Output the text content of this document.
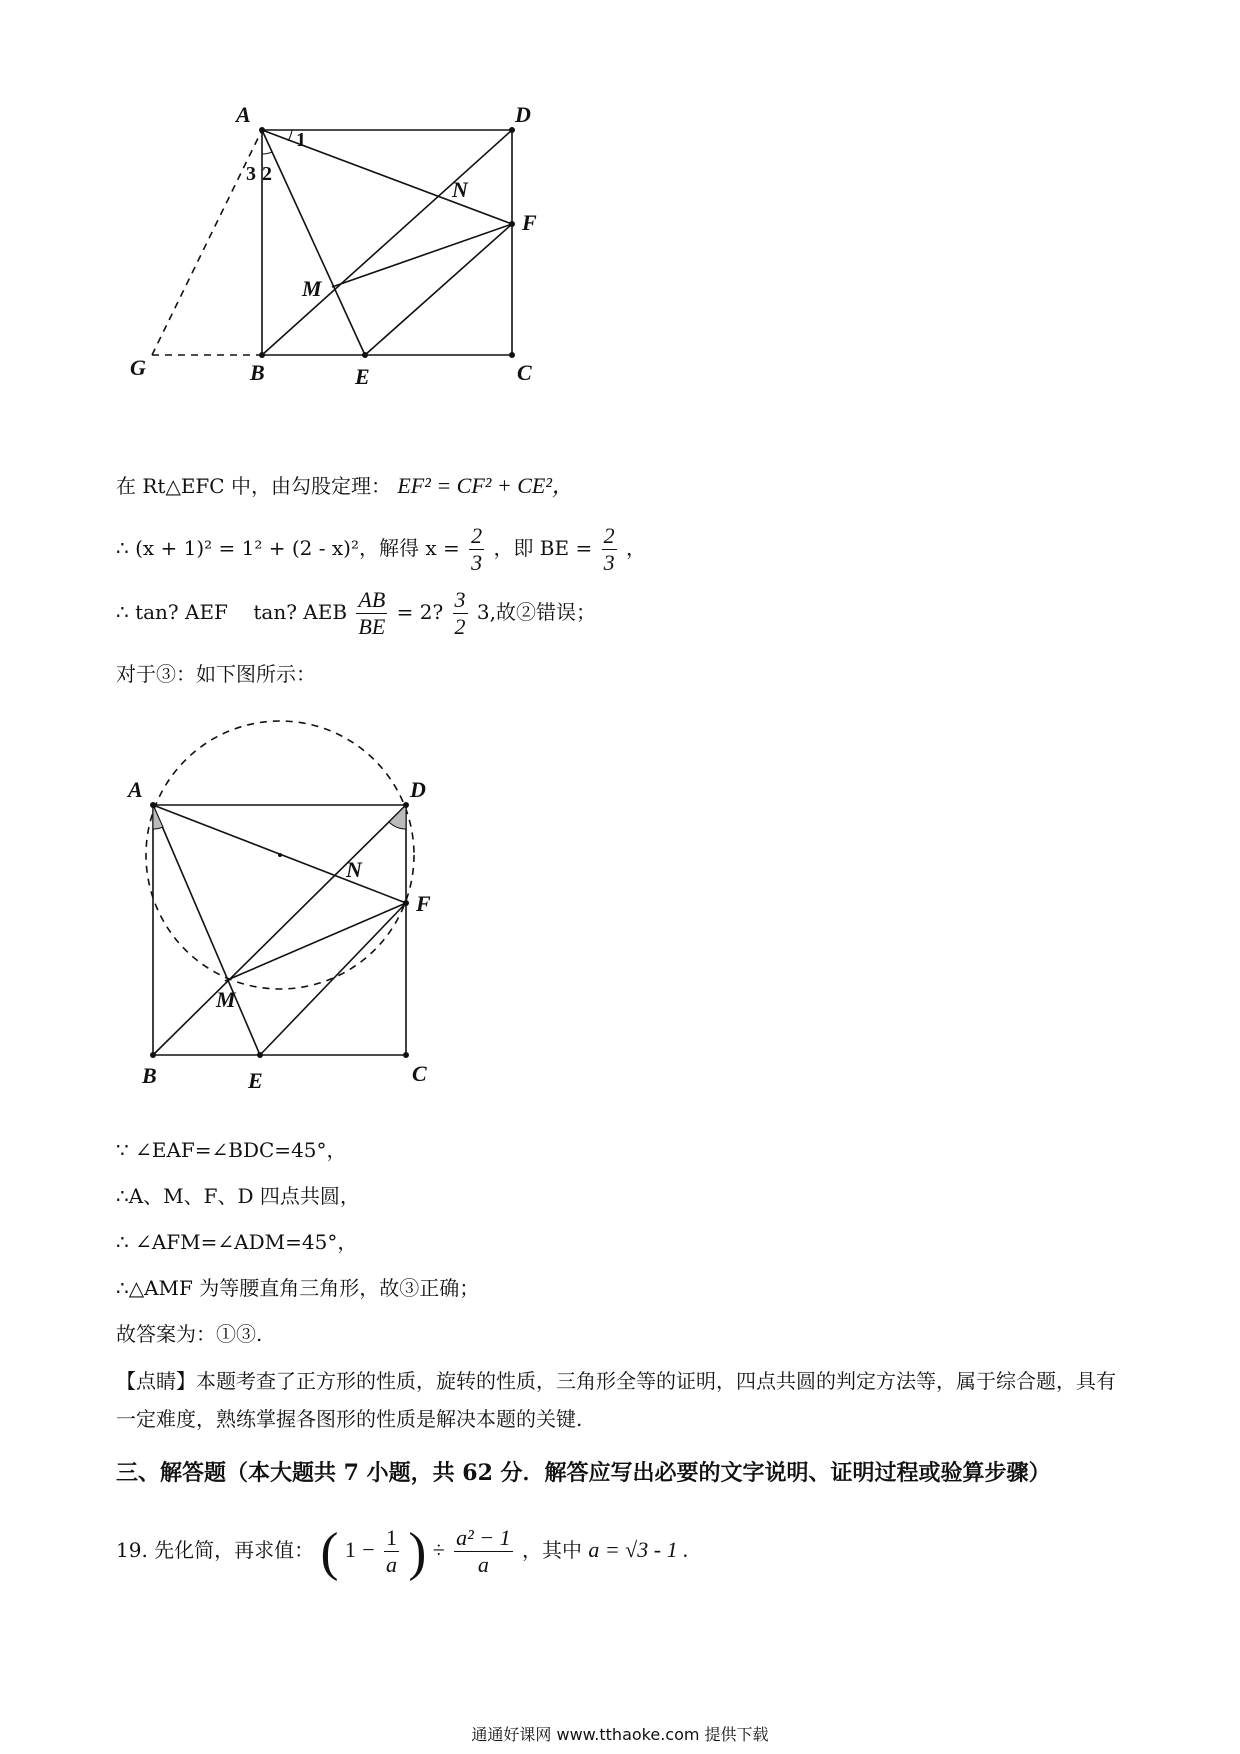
A	D
N
F
M
G	B	E	C
1
2
3
在 Rt△EFC 中，由勾股定理： EF² = CF² + CE²，
∴ (x + 1)² = 1² + (2 - x)²，解得 $x = \frac{2}{3}$ ，即 BE = $\frac{2}{3}$ ，
∴ tan? AEF    tan? AEB $\frac{AB}{BE} = 2$? $\frac{3}{2} 3$,故②错误；
对于③：如下图所示：
A	D
N
F
M
B	E	C
∵ ∠EAF=∠BDC=45°，
∴A、M、F、D 四点共圆，
∴ ∠AFM=∠ADM=45°，
∴△AMF 为等腰直角三角形，故③正确；
故答案为：①③.
【点睛】本题考查了正方形的性质，旋转的性质，三角形全等的证明，四点共圆的判定方法等，属于综合题，具有一定难度，熟练掌握各图形的性质是解决本题的关键.
三、解答题（本大题共 7 小题，共 62 分．解答应写出必要的文字说明、证明过程或验算步骤）
19. 先化简，再求值： ( $1 - \frac{1}{a}$ ) ÷ $\frac{\text{a² − 1}}{a}$ ，其中 a = √3 - 1 .
通通好课网 www.tthaoke.com 提供下载
